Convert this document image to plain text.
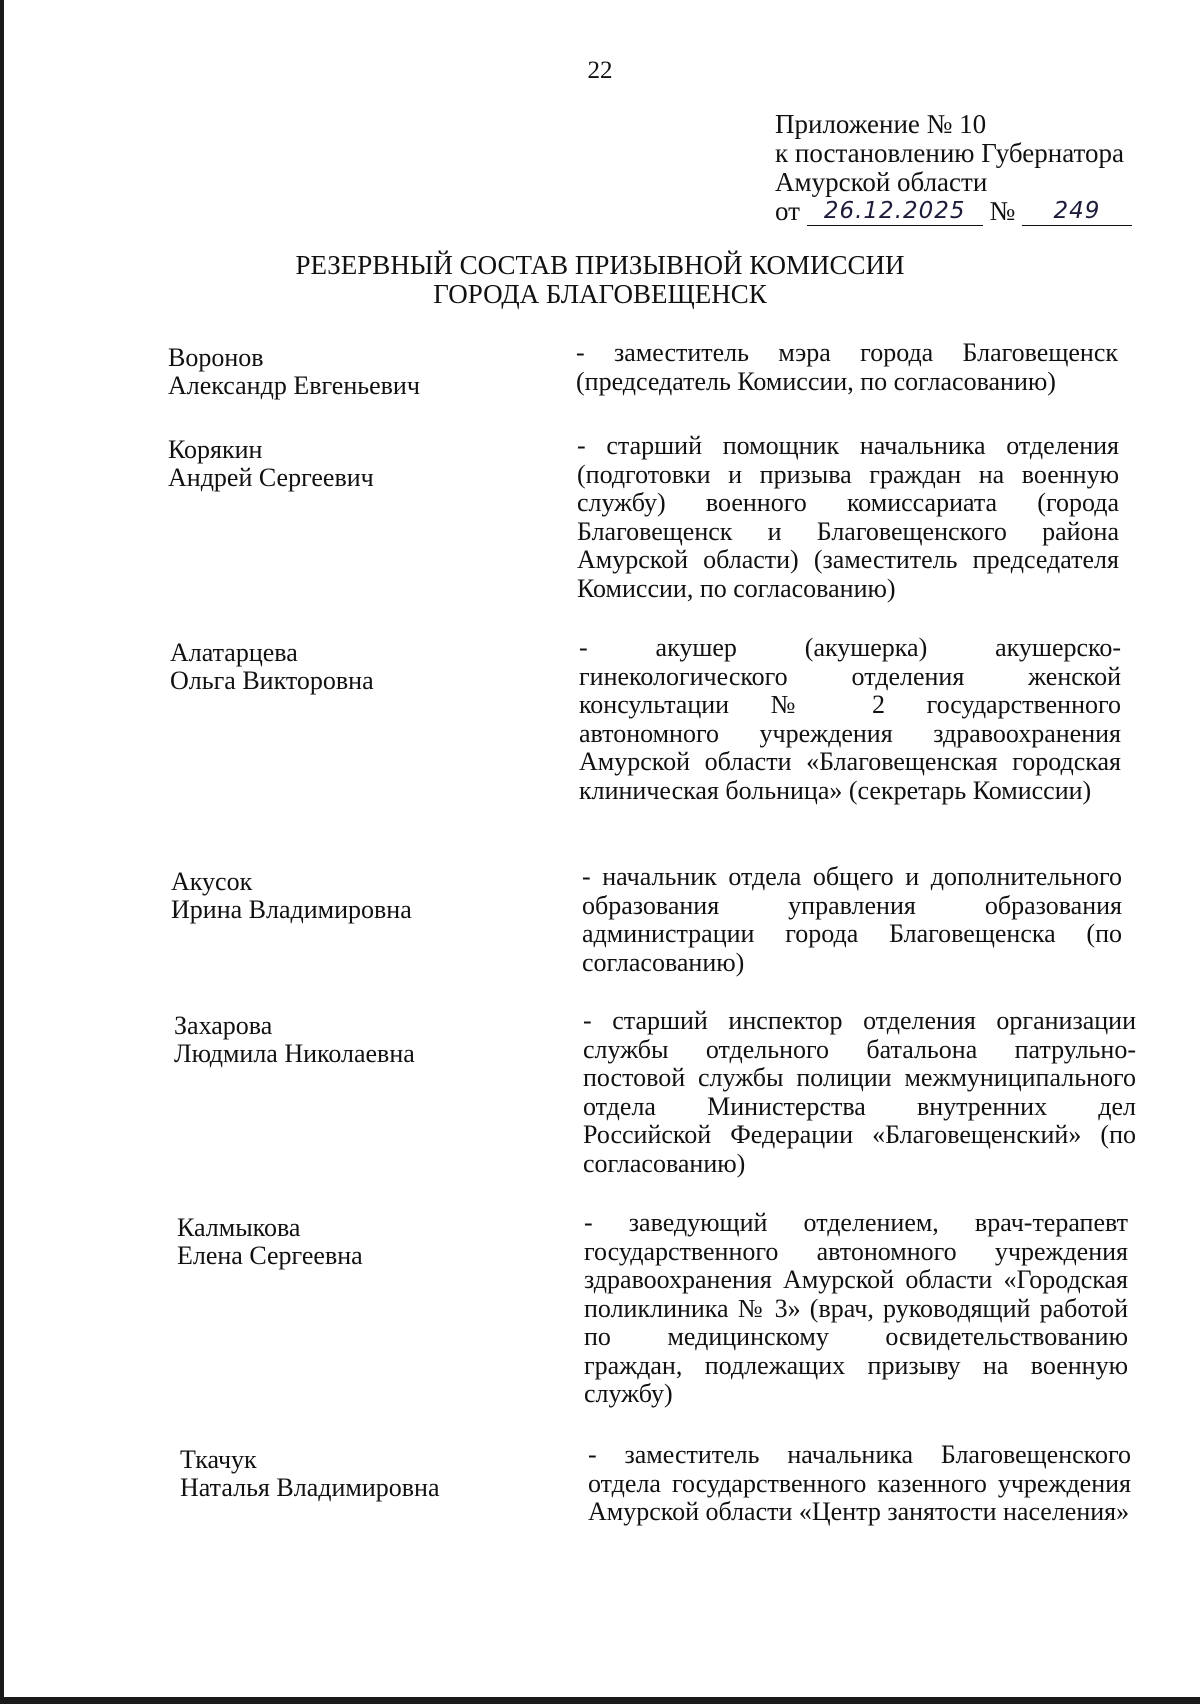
22
Приложение № 10
к постановлению Губернатора
Амурской области
от 26.12.2025 № 249
РЕЗЕРВНЫЙ СОСТАВ ПРИЗЫВНОЙ КОМИССИИ
ГОРОДА БЛАГОВЕЩЕНСК
Воронов
Александр Евгеньевич
- заместитель мэра города Благовещенск (председатель Комиссии, по согласованию)
Корякин
Андрей Сергеевич
- старший помощник начальника отделения (подготовки и призыва граждан на военную службу) военного комиссариата (города Благовещенск и Благовещенского района Амурской области) (заместитель председателя Комиссии, по согласованию)
Алатарцева
Ольга Викторовна
- акушер (акушерка) акушерско-гинекологического отделения женской консультации № 2 государственного автономного учреждения здравоохранения Амурской области «Благовещенская городская клиническая больница» (секретарь Комиссии)
Акусок
Ирина Владимировна
- начальник отдела общего и дополнительного образования управления образования администрации города Благовещенска (по согласованию)
Захарова
Людмила Николаевна
- старший инспектор отделения организации службы отдельного батальона патрульно-постовой службы полиции межмуниципального отдела Министерства внутренних дел Российской Федерации «Благовещенский» (по согласованию)
Калмыкова
Елена Сергеевна
- заведующий отделением, врач-терапевт государственного автономного учреждения здравоохранения Амурской области «Городская поликлиника № 3» (врач, руководящий работой по медицинскому освидетельствованию граждан, подлежащих призыву на военную службу)
Ткачук
Наталья Владимировна
- заместитель начальника Благовещенского отдела государственного казенного учреждения Амурской области «Центр занятости населения»
